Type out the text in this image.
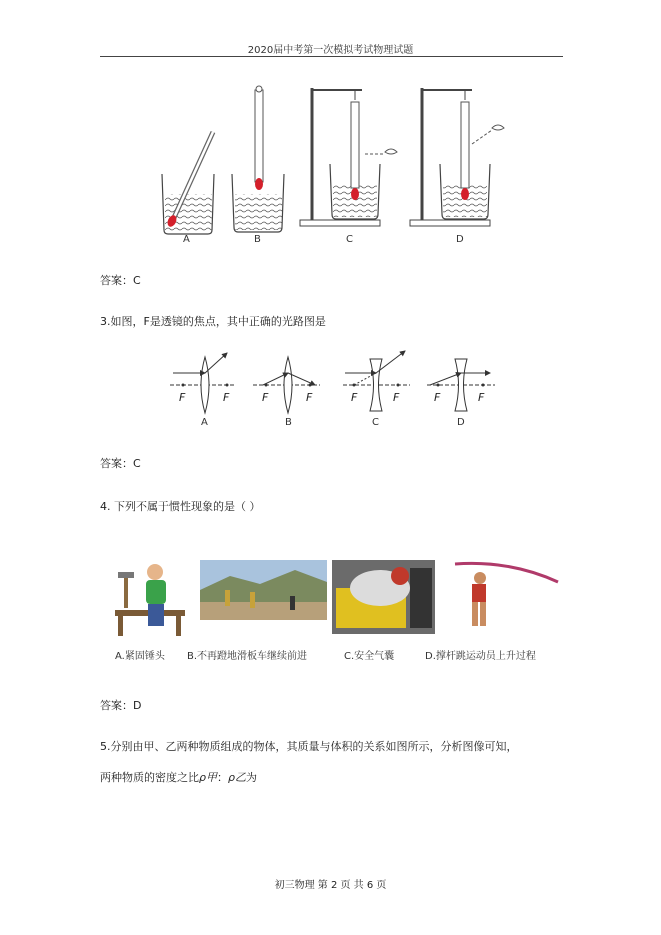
2020届中考第一次模拟考试物理试题
A	B	C	D
答案：C
3.如图，F是透镜的焦点，其中正确的光路图是
F	F	F	F	F	F	F	F
A	B	C	D
答案：C
4. 下列不属于惯性现象的是（ ）
A.紧固锤头 B.不再蹬地滑板车继续前进	C.安全气囊	D.撑杆跳运动员上升过程
答案：D
5.分别由甲、乙两种物质组成的物体，其质量与体积的关系如图所示，分析图像可知，
两种物质的密度之比ρ甲：ρ乙为
初三物理 第 2 页 共 6 页
